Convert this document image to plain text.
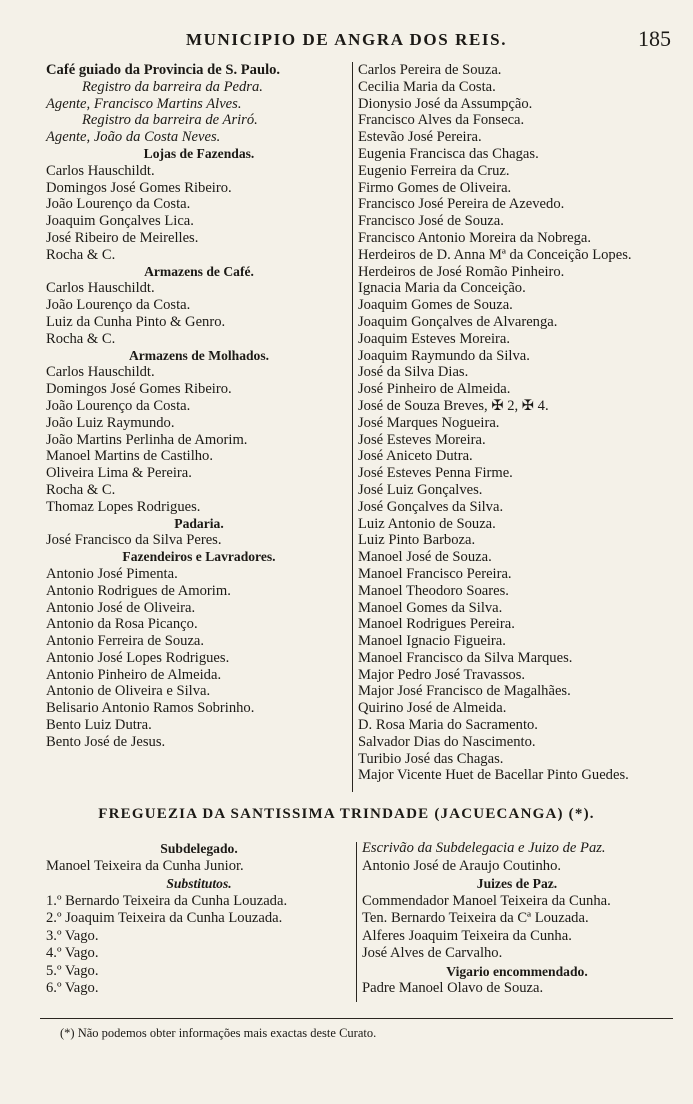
MUNICIPIO DE ANGRA DOS REIS.	185
Café guiado da Provincia de S. Paulo.
Registro da barreira da Pedra.
Agente, Francisco Martins Alves.
Registro da barreira de Ariró.
Agente, João da Costa Neves.
Lojas de Fazendas.
Carlos Hauschildt.
Domingos José Gomes Ribeiro.
João Lourenço da Costa.
Joaquim Gonçalves Lica.
José Ribeiro de Meirelles.
Rocha & C.
Armazens de Café.
Carlos Hauschildt.
João Lourenço da Costa.
Luiz da Cunha Pinto & Genro.
Rocha & C.
Armazens de Molhados.
Carlos Hauschildt.
Domingos José Gomes Ribeiro.
João Lourenço da Costa.
João Luiz Raymundo.
João Martins Perlinha de Amorim.
Manoel Martins de Castilho.
Oliveira Lima & Pereira.
Rocha & C.
Thomaz Lopes Rodrigues.
Padaria.
José Francisco da Silva Peres.
Fazendeiros e Lavradores.
Antonio José Pimenta.
Antonio Rodrigues de Amorim.
Antonio José de Oliveira.
Antonio da Rosa Picanço.
Antonio Ferreira de Souza.
Antonio José Lopes Rodrigues.
Antonio Pinheiro de Almeida.
Antonio de Oliveira e Silva.
Belisario Antonio Ramos Sobrinho.
Bento Luiz Dutra.
Bento José de Jesus.
Carlos Pereira de Souza.
Cecilia Maria da Costa.
Dionysio José da Assumpção.
Francisco Alves da Fonseca.
Estevão José Pereira.
Eugenia Francisca das Chagas.
Eugenio Ferreira da Cruz.
Firmo Gomes de Oliveira.
Francisco José Pereira de Azevedo.
Francisco José de Souza.
Francisco Antonio Moreira da Nobrega.
Herdeiros de D. Anna Mª da Conceição Lopes.
Herdeiros de José Romão Pinheiro.
Ignacia Maria da Conceição.
Joaquim Gomes de Souza.
Joaquim Gonçalves de Alvarenga.
Joaquim Esteves Moreira.
Joaquim Raymundo da Silva.
José da Silva Dias.
José Pinheiro de Almeida.
José de Souza Breves, ✠ 2, ✠ 4.
José Marques Nogueira.
José Esteves Moreira.
José Aniceto Dutra.
José Esteves Penna Firme.
José Luiz Gonçalves.
José Gonçalves da Silva.
Luiz Antonio de Souza.
Luiz Pinto Barboza.
Manoel José de Souza.
Manoel Francisco Pereira.
Manoel Theodoro Soares.
Manoel Gomes da Silva.
Manoel Rodrigues Pereira.
Manoel Ignacio Figueira.
Manoel Francisco da Silva Marques.
Major Pedro José Travassos.
Major José Francisco de Magalhães.
Quirino José de Almeida.
D. Rosa Maria do Sacramento.
Salvador Dias do Nascimento.
Turibio José das Chagas.
Major Vicente Huet de Bacellar Pinto Guedes.
FREGUEZIA DA SANTISSIMA TRINDADE (JACUECANGA) (*).
Subdelegado.
Manoel Teixeira da Cunha Junior.
Substitutos.
1.º Bernardo Teixeira da Cunha Louzada.
2.º Joaquim Teixeira da Cunha Louzada.
3.º Vago.
4.º Vago.
5.º Vago.
6.º Vago.
Escrivão da Subdelegacia e Juizo de Paz.
Antonio José de Araujo Coutinho.
Juizes de Paz.
Commendador Manoel Teixeira da Cunha.
Ten. Bernardo Teixeira da Cª Louzada.
Alferes Joaquim Teixeira da Cunha.
José Alves de Carvalho.
Vigario encommendado.
Padre Manoel Olavo de Souza.
(*) Não podemos obter informações mais exactas deste Curato.
